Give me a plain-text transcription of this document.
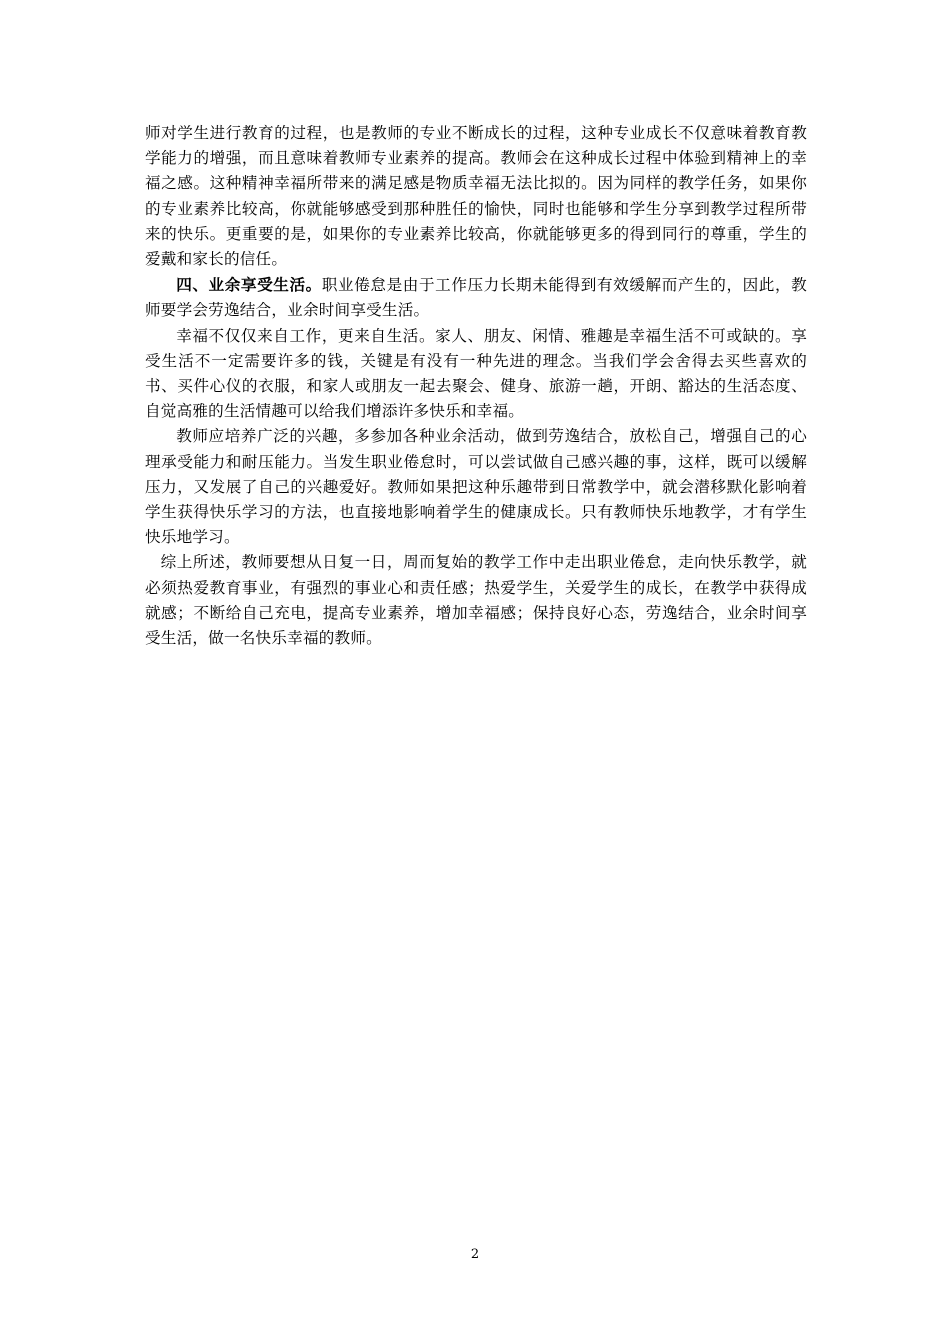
师对学生进行教育的过程，也是教师的专业不断成长的过程，这种专业成长不仅意味着教育教学能力的增强，而且意味着教师专业素养的提高。教师会在这种成长过程中体验到精神上的幸福之感。这种精神幸福所带来的满足感是物质幸福无法比拟的。因为同样的教学任务，如果你的专业素养比较高，你就能够感受到那种胜任的愉快，同时也能够和学生分享到教学过程所带来的快乐。更重要的是，如果你的专业素养比较高，你就能够更多的得到同行的尊重，学生的爱戴和家长的信任。

四、业余享受生活。职业倦怠是由于工作压力长期未能得到有效缓解而产生的，因此，教师要学会劳逸结合，业余时间享受生活。

幸福不仅仅来自工作，更来自生活。家人、朋友、闲情、雅趣是幸福生活不可或缺的。享受生活不一定需要许多的钱，关键是有没有一种先进的理念。当我们学会舍得去买些喜欢的书、买件心仪的衣服，和家人或朋友一起去聚会、健身、旅游一趟，开朗、豁达的生活态度、自觉高雅的生活情趣可以给我们增添许多快乐和幸福。

教师应培养广泛的兴趣，多参加各种业余活动，做到劳逸结合，放松自己，增强自己的心理承受能力和耐压能力。当发生职业倦怠时，可以尝试做自己感兴趣的事，这样，既可以缓解压力，又发展了自己的兴趣爱好。教师如果把这种乐趣带到日常教学中，就会潜移默化影响着学生获得快乐学习的方法，也直接地影响着学生的健康成长。只有教师快乐地教学，才有学生快乐地学习。

综上所述，教师要想从日复一日，周而复始的教学工作中走出职业倦怠，走向快乐教学，就必须热爱教育事业，有强烈的事业心和责任感；热爱学生，关爱学生的成长，在教学中获得成就感；不断给自己充电，提高专业素养，增加幸福感；保持良好心态，劳逸结合，业余时间享受生活，做一名快乐幸福的教师。

2
